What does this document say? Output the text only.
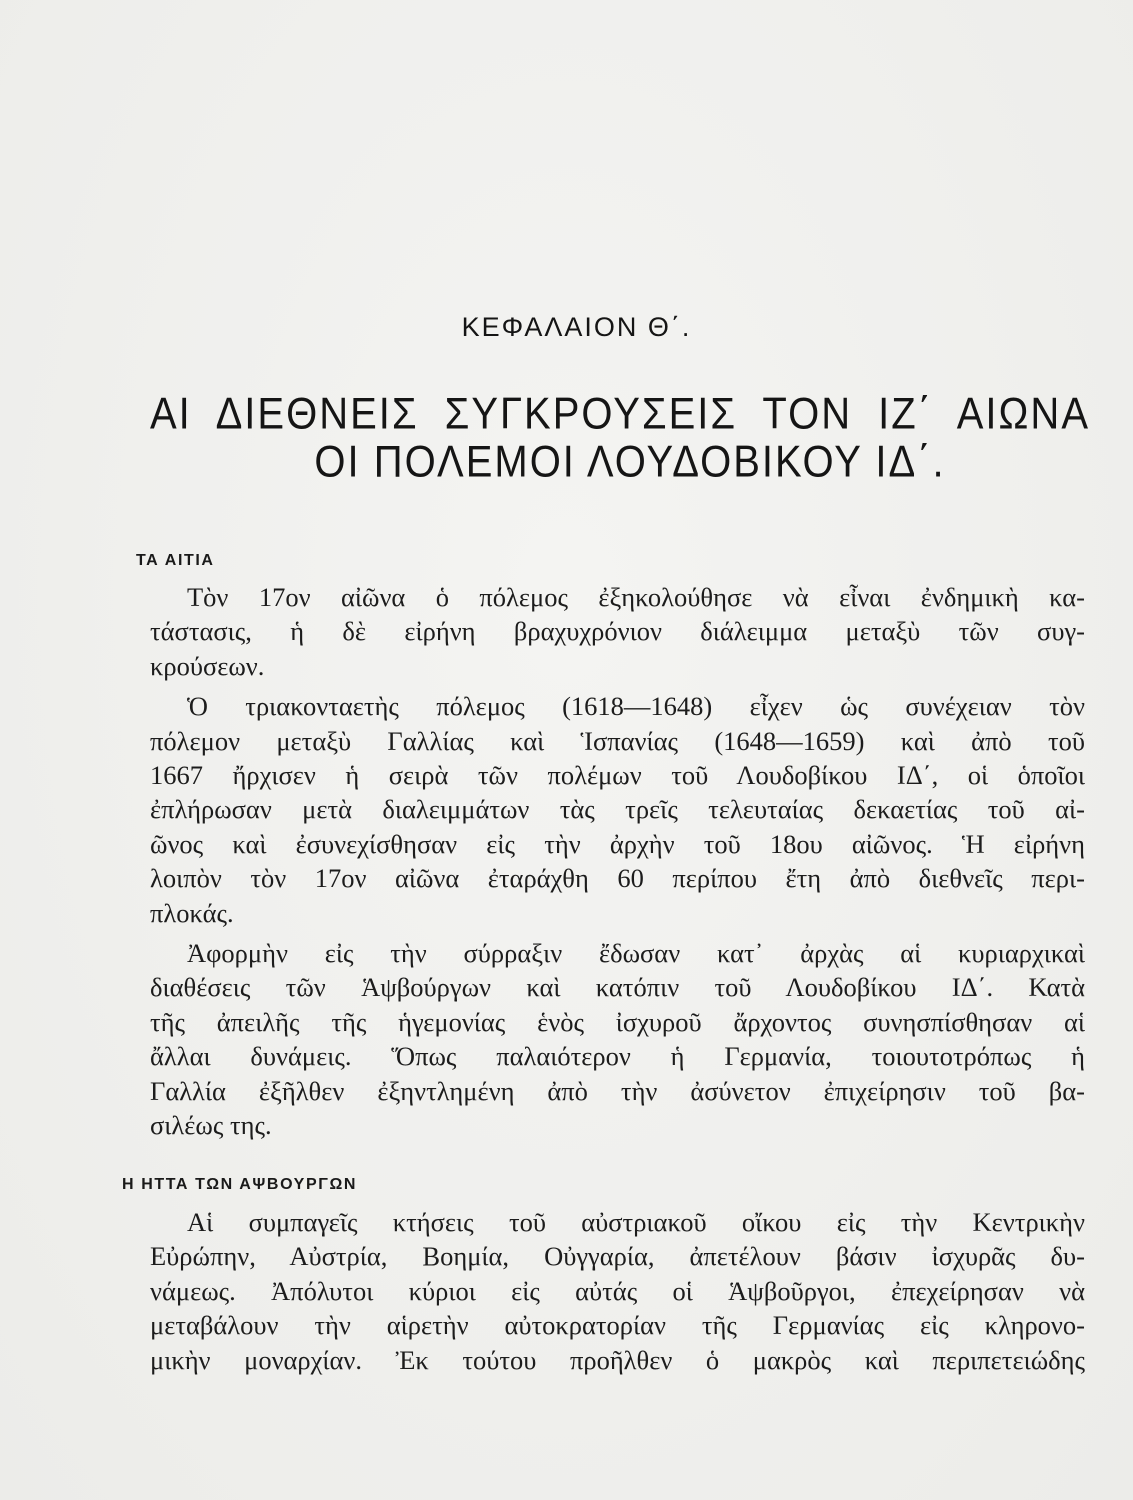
ΚΕΦΑΛΑΙΟΝ Θ΄.
ΑΙ ΔΙΕΘΝΕΙΣ ΣΥΓΚΡΟΥΣΕΙΣ ΤΟΝ ΙΖ΄ ΑΙΩΝΑ
ΟΙ ΠΟΛΕΜΟΙ ΛΟΥΔΟΒΙΚΟΥ ΙΔ΄.
ΤΑ ΑΙΤΙΑ
Τὸν 17ον αἰῶνα ὁ πόλεμος ἐξηκολούθησε νὰ εἶναι ἐνδημικὴ κα-
τάστασις, ἡ δὲ εἰρήνη βραχυχρόνιον διάλειμμα μεταξὺ τῶν συγ-
κρούσεων.
Ὁ τριακονταετὴς πόλεμος (1618—1648) εἶχεν ὡς συνέχειαν τὸν
πόλεμον μεταξὺ Γαλλίας καὶ Ἱσπανίας (1648—1659) καὶ ἀπὸ τοῦ
1667 ἤρχισεν ἡ σειρὰ τῶν πολέμων τοῦ Λουδοβίκου ΙΔ΄, οἱ ὁποῖοι
ἐπλήρωσαν μετὰ διαλειμμάτων τὰς τρεῖς τελευταίας δεκαετίας τοῦ αἰ-
ῶνος καὶ ἐσυνεχίσθησαν εἰς τὴν ἀρχὴν τοῦ 18ου αἰῶνος. Ἡ εἰρήνη
λοιπὸν τὸν 17ον αἰῶνα ἐταράχθη 60 περίπου ἔτη ἀπὸ διεθνεῖς περι-
πλοκάς.
Ἀφορμὴν εἰς τὴν σύρραξιν ἔδωσαν κατ᾽ ἀρχὰς αἱ κυριαρχικαὶ
διαθέσεις τῶν Ἁψβούργων καὶ κατόπιν τοῦ Λουδοβίκου ΙΔ΄. Κατὰ
τῆς ἀπειλῆς τῆς ἡγεμονίας ἑνὸς ἰσχυροῦ ἄρχοντος συνησπίσθησαν αἱ
ἄλλαι δυνάμεις. Ὅπως παλαιότερον ἡ Γερμανία, τοιουτοτρόπως ἡ
Γαλλία ἐξῆλθεν ἐξηντλημένη ἀπὸ τὴν ἀσύνετον ἐπιχείρησιν τοῦ βα-
σιλέως της.
Η ΗΤΤΑ ΤΩΝ ΑΨΒΟΥΡΓΩΝ
Αἱ συμπαγεῖς κτήσεις τοῦ αὐστριακοῦ οἴκου εἰς τὴν Κεντρικὴν
Εὐρώπην, Αὐστρία, Βοημία, Οὐγγαρία, ἀπετέλουν βάσιν ἰσχυρᾶς δυ-
νάμεως. Ἀπόλυτοι κύριοι εἰς αὐτάς οἱ Ἁψβοῦργοι, ἐπεχείρησαν νὰ
μεταβάλουν τὴν αἱρετὴν αὐτοκρατορίαν τῆς Γερμανίας εἰς κληρονο-
μικὴν μοναρχίαν. Ἐκ τούτου προῆλθεν ὁ μακρὸς καὶ περιπετειώδης
